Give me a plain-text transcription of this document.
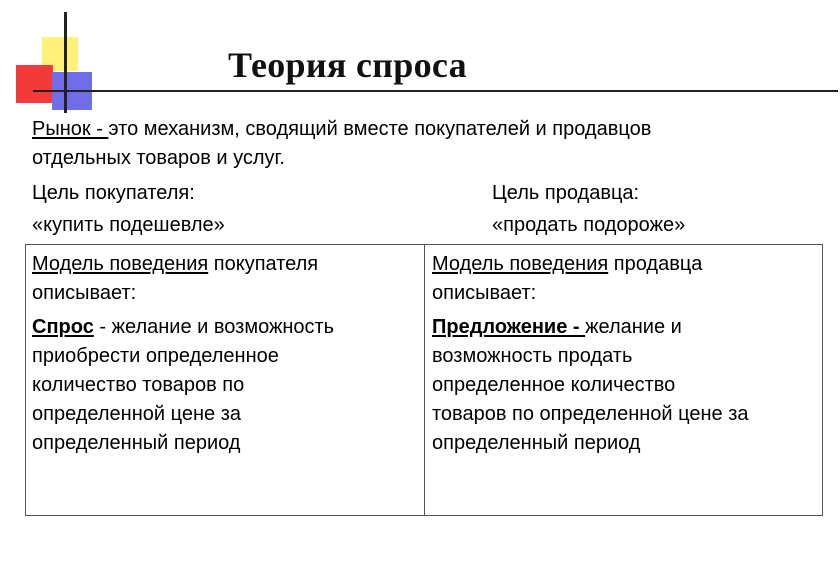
Теория спроса
Рынок - это механизм, сводящий вместе покупателей и продавцов
отдельных товаров и услуг.
Цель покупателя:	Цель продавца:
«купить подешевле»	«продать подороже»

Модель поведения покупателя

описывает:

Спрос - желание и возможность

приобрести определенное

количество товаров по

определенной цене за

определенный период

Модель поведения продавца

описывает:

Предложение - желание и

возможность продать

определенное количество

товаров по определенной цене за

определенный период
